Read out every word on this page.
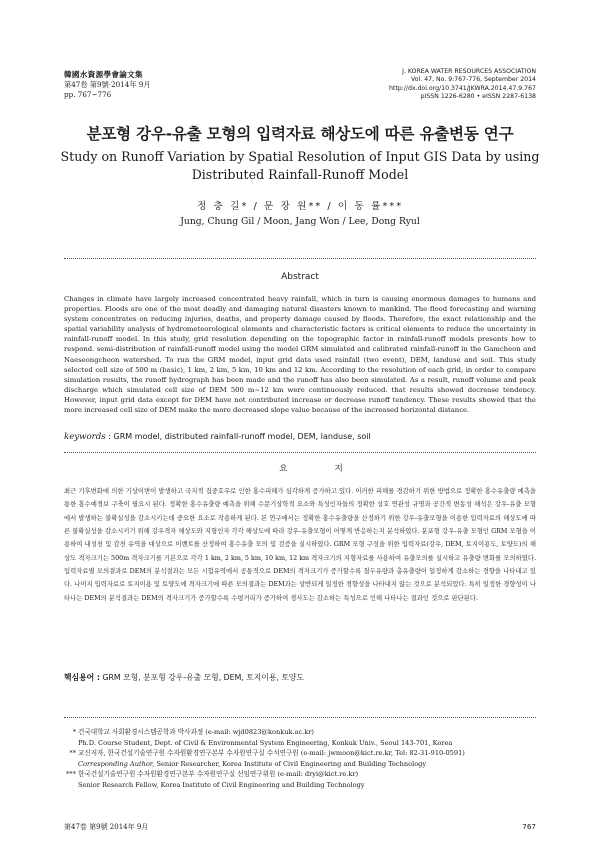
韓國水資源學會論文集
第47卷 第9號·2014年 9月
pp. 767~776
J. KOREA WATER RESOURCES ASSOCIATION
Vol. 47, No. 9:767-776, September 2014
http://dx.doi.org/10.3741/JKWRA.2014.47.9.767
pISSN 1226-6280 • eISSN 2287-6138
분포형 강우-유출 모형의 입력자료 해상도에 따른 유출변동 연구
Study on Runoff Variation by Spatial Resolution of Input GIS Data by using
Distributed Rainfall-Runoff Model
정 충 길* / 문 장 원** / 이 동 률***
Jung, Chung Gil / Moon, Jang Won / Lee, Dong Ryul
Abstract
Changes in climate have largely increased concentrated heavy rainfall, which in turn is causing enormous damages to humans and properties. Floods are one of the most deadly and damaging natural disasters known to mankind. The flood forecasting and warning system concentrates on reducing injuries, deaths, and property damage caused by floods. Therefore, the exact relationship and the spatial variability analysis of hydrometeorological elements and characteristic factors is critical elements to reduce the uncertainty in rainfall-runoff model. In this study, grid resolution depending on the topographic factor in rainfall-runoff models presents how to respond. semi-distribution of rainfall-runoff model using the model GRM simulated and calibrated rainfall-runoff in the Gamcheon and Naeseongcheon watershed. To run the GRM model, input grid data used rainfall (two event), DEM, landuse and soil. This study selected cell size of 500 m (basic), 1 km, 2 km, 5 km, 10 km and 12 km. According to the resolution of each grid, in order to compare simulation results, the runoff hydrograph has been made and the runoff has also been simulated. As a result, runoff volume and peak discharge which simulated cell size of DEM 500 m~12 km were continuously reduced. that results showed decrease tendency. However, input grid data except for DEM have not contributed increase or decrease runoff tendency. These results showed that the more increased cell size of DEM make the more decreased slope value because of the increased horizontal distance.
keywords : GRM model, distributed rainfall-runoff model, DEM, landuse, soil
요 지
최근 기후변화에 의한 기상이변이 발생하고 국지적 집중호우로 인한 홍수피해가 심각하게 증가하고 있다. 이러한 피해를 경감하기 위한 방법으로 정확한 홍수유출량 예측을 통한 홍수예경보 구축이 필요시 된다. 정확한 홍수유출량 예측을 위해 수문기상학적 요소와 특성인자들의 정확한 상호 연관성 규명과 공간적 변동성 해석은 강우-유출 모형에서 발생하는 불확실성을 감소시키는데 중요한 요소로 작용하게 된다. 본 연구에서는 정확한 홍수유출량을 산정하기 위한 강우-유출모형을 이용한 입력자료의 해상도에 따른 불확실성을 감소시키기 위해 강우격자 해상도와 지형인자 각각 해상도에 따라 강우-유출모형이 어떻게 반응하는지 분석하였다. 분포형 강우-유출 모형인 GRM 모형을 이용하여 내성천 및 감천 유역을 대상으로 이벤트를 산정하여 홍수유출 모의 및 검증을 실시하였다. GRM 모형 구성을 위한 입력자료(강우, DEM, 토지이용도, 토양도)의 해상도 격자크기는 500m 격자크기를 기본으로 각각 1 km, 2 km, 5 km, 10 km, 12 km 격자크기의 지형자료를 사용하여 유출모의를 실시하고 유출량 변화를 모의하였다. 입력자료별 모의결과로 DEM의 분석결과는 모든 시험유역에서 공통적으로 DEM의 격자크기가 증가할수록 첨두유량과 총유출량이 일정하게 감소하는 경향을 나타내고 있다. 나머지 입력자료로 토지이용 및 토양도에 격자크기에 따른 모의결과는 DEM과는 상반되게 일정한 경향성을 나타내지 않는 것으로 분석되었다. 특히 일정한 경향성이 나타나는 DEM의 분석결과는 DEM의 격자크기가 증가할수록 수평거리가 증가하여 경사도는 감소하는 특성으로 인해 나타나는 결과인 것으로 판단된다.
핵심용어 : GRM 모형, 분포형 강우-유출 모형, DEM, 토지이용, 토양도
* 건국대학교 사회환경시스템공학과 박사과정 (e-mail: wjd0823@konkuk.ac.kr)
Ph.D. Course Student, Dept. of Civil & Environmental System Engineering, Konkuk Univ., Seoul 143-701, Korea
** 교신저자, 한국건설기술연구원 수자원환경연구본부 수자원연구실 수석연구원 (e-mail: jwmoon@kict.re.kr, Tel: 82-31-910-0591)
Corresponding Author, Senior Researcher, Korea Institute of Civil Engineering and Building Technology
*** 한국건설기술연구원 수자원환경연구본부 수자원연구실 선임연구위원 (e-mail: dryi@kict.re.kr)
Senior Research Fellow, Korea Institute of Civil Engineering and Building Technology
第47卷 第9號 2014年 9月	767
